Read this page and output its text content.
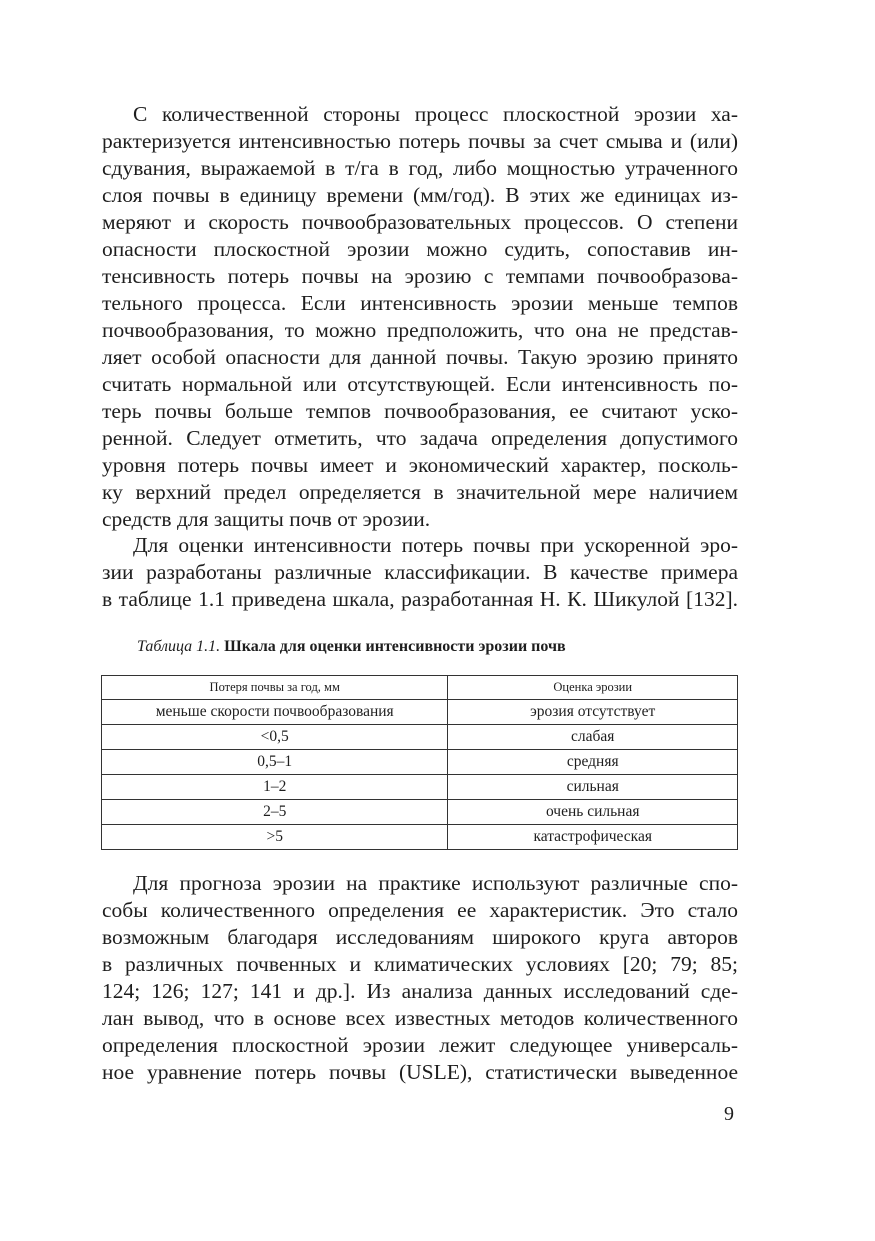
С количественной стороны процесс плоскостной эрозии ха-
рактеризуется интенсивностью потерь почвы за счет смыва и (или)
сдувания, выражаемой в т/га в год, либо мощностью утраченного
слоя почвы в единицу времени (мм/год). В этих же единицах из-
меряют и скорость почвообразовательных процессов. О степени
опасности плоскостной эрозии можно судить, сопоставив ин-
тенсивность потерь почвы на эрозию с темпами почвообразова-
тельного процесса. Если интенсивность эрозии меньше темпов
почвообразования, то можно предположить, что она не представ-
ляет особой опасности для данной почвы. Такую эрозию принято
считать нормальной или отсутствующей. Если интенсивность по-
терь почвы больше темпов почвообразования, ее считают уско-
ренной. Следует отметить, что задача определения допустимого
уровня потерь почвы имеет и экономический характер, посколь-
ку верхний предел определяется в значительной мере наличием
средств для защиты почв от эрозии.
Для оценки интенсивности потерь почвы при ускоренной эро-
зии разработаны различные классификации. В качестве примера
в таблице 1.1 приведена шкала, разработанная Н. К. Шикулой [132].
Таблица 1.1. Шкала для оценки интенсивности эрозии почв
Потеря почвы за год, мм	Оценка эрозии
меньше скорости почвообразования	эрозия отсутствует
<0,5	слабая
0,5–1	средняя
1–2	сильная
2–5	очень сильная
>5	катастрофическая
Для прогноза эрозии на практике используют различные спо-
собы количественного определения ее характеристик. Это стало
возможным благодаря исследованиям широкого круга авторов
в различных почвенных и климатических условиях [20; 79; 85;
124; 126; 127; 141 и др.]. Из анализа данных исследований сде-
лан вывод, что в основе всех известных методов количественного
определения плоскостной эрозии лежит следующее универсаль-
ное уравнение потерь почвы (USLE), статистически выведенное
9
